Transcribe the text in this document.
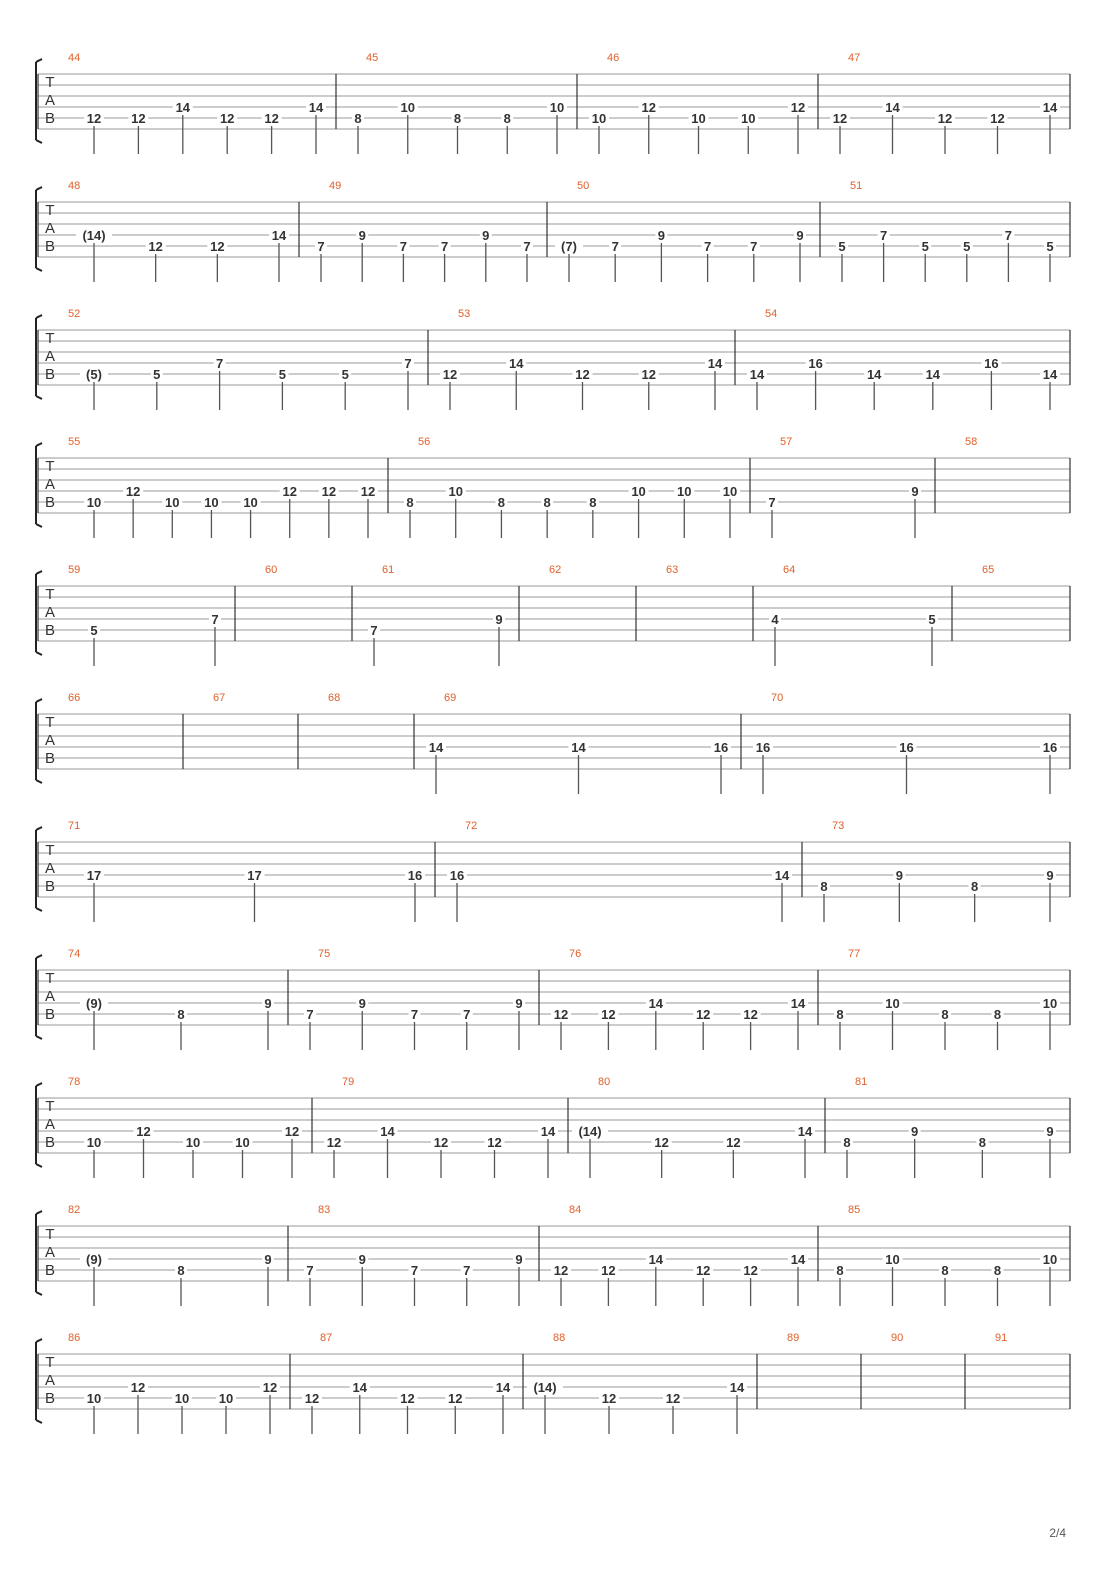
T
A
B
44
12 12
14
12 12
14
45
8
10
8	8
10
46
10
12
10	10
12
47
12
14
12	12
14
T
A
B
48
(14)
12	12
14
49
7
9
7	7
9
7
50
(7)	7
9
7	7
9
51
5
7
5	5
7
5
T
A
B
52
(5)	5
7
5	5
7
53
12
14
12	12
14
54
14
16
14	14
16
14
T
A
B
55
10
12
10 10 10
12 12 12
56
8
10
8	8	8
10 10 10
57
7
9
58
T
A
B
59
5
7
60	61
7
9
62	63	64
4	5
65
T
A
B
66	67	68	69
14	14	16
70
16	16	16
T
A
B
71
17	17	16
72
16	14
73
8
9
8
9
T
A
B
74
(9)
8
9
75
7
9
7	7
9
76
12	12
14
12	12
14
77
8
10
8	8
10
T
A
B
78
10
12
10	10
12
79
12
14
12	12
14
80
(14)
12	12
14
81
8
9
8
9
T
A
B
82
(9)
8
9
83
7
9
7	7
9
84
12	12
14
12	12
14
85
8
10
8	8
10
T
A
B
86
10
12
10 10
12
87
12
14
12	12
14
88
(14)
12	12
14
89	90	91
2/4
